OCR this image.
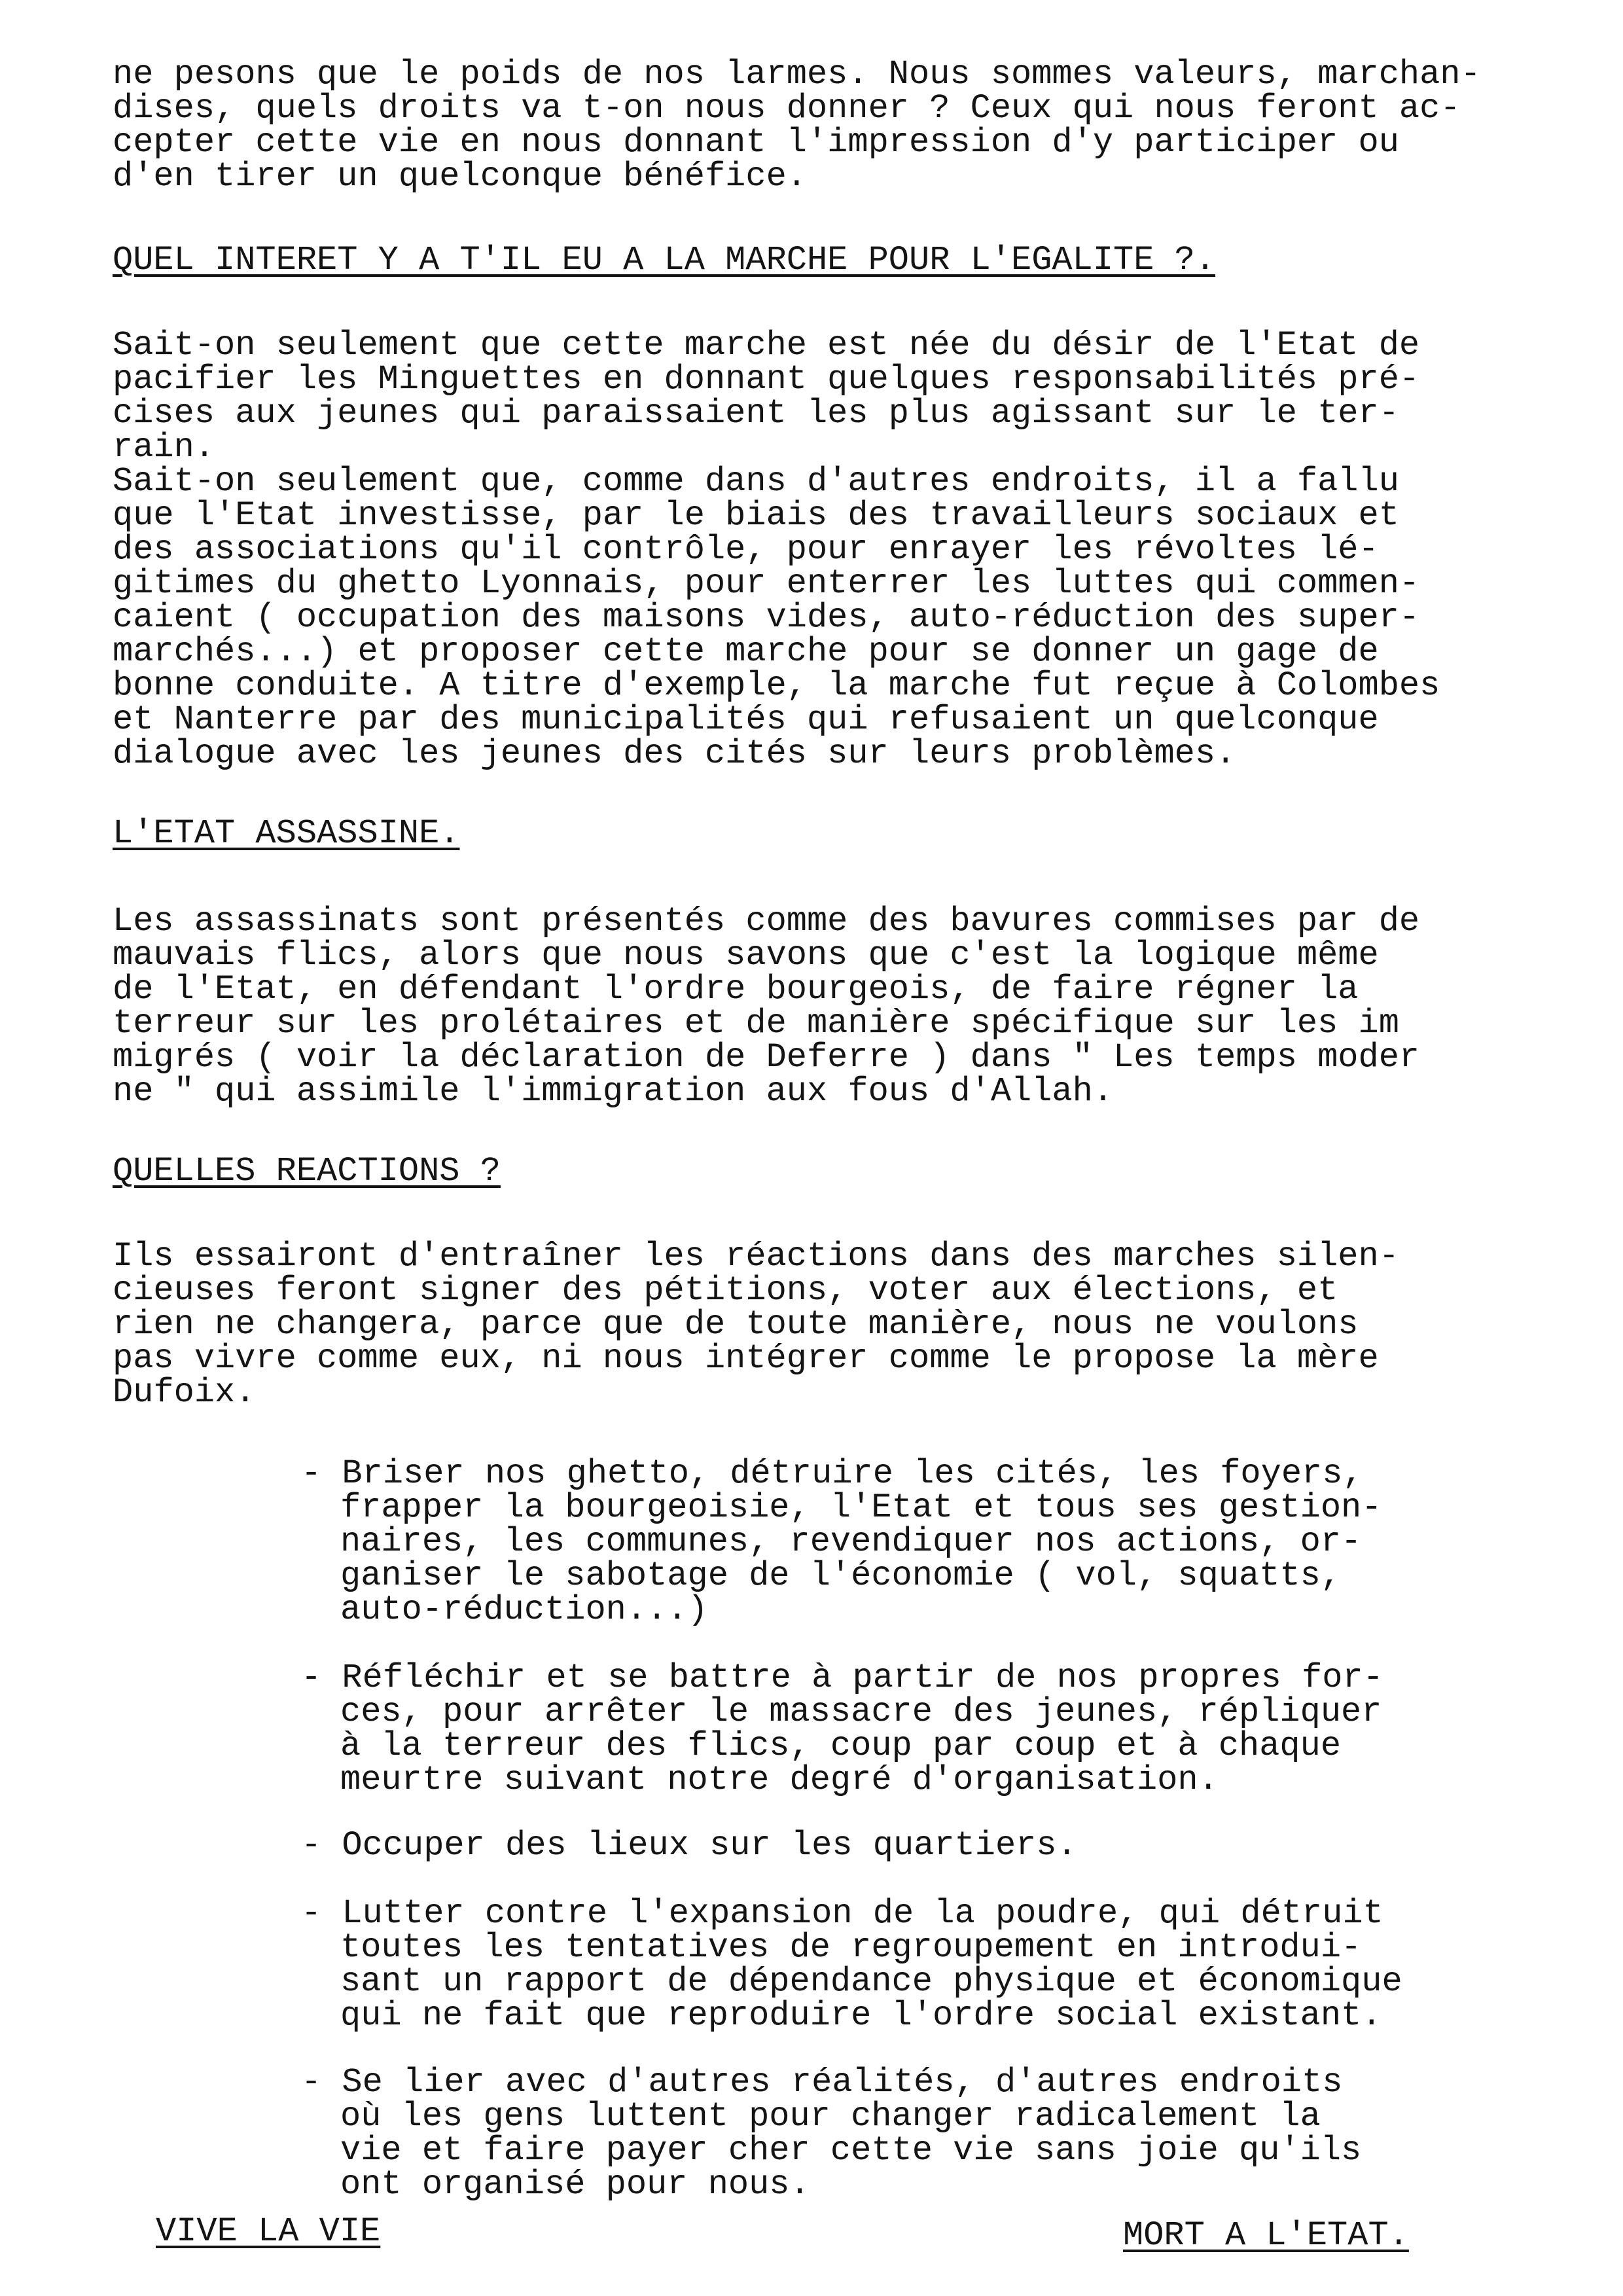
ne pesons que le poids de nos larmes. Nous sommes valeurs, marchan-

dises, quels droits va t-on nous donner ? Ceux qui nous feront ac-

cepter cette vie en nous donnant l'impression d'y participer ou

d'en tirer un quelconque bénéfice.

QUEL INTERET Y A T'IL EU A LA MARCHE POUR L'EGALITE ?.

Sait-on seulement que cette marche est née du désir de l'Etat de

pacifier les Minguettes en donnant quelques responsabilités pré-

cises aux jeunes qui paraissaient les plus agissant sur le ter-

rain.

Sait-on seulement que, comme dans d'autres endroits, il a fallu

que l'Etat investisse, par le biais des travailleurs sociaux et

des associations qu'il contrôle, pour enrayer les révoltes lé-

gitimes du ghetto Lyonnais, pour enterrer les luttes qui commen-

caient ( occupation des maisons vides, auto-réduction des super-

marchés...) et proposer cette marche pour se donner un gage de

bonne conduite. A titre d'exemple, la marche fut reçue à Colombes

et Nanterre par des municipalités qui refusaient un quelconque

dialogue avec les jeunes des cités sur leurs problèmes.

L'ETAT ASSASSINE.

Les assassinats sont présentés comme des bavures commises par de

mauvais flics, alors que nous savons que c'est la logique même

de l'Etat, en défendant l'ordre bourgeois, de faire régner la

terreur sur les prolétaires et de manière spécifique sur les im

migrés ( voir la déclaration de Deferre ) dans " Les temps moder

ne " qui assimile l'immigration aux fous d'Allah.

QUELLES REACTIONS ?

Ils essairont d'entraîner les réactions dans des marches silen-

cieuses feront signer des pétitions, voter aux élections, et

rien ne changera, parce que de toute manière, nous ne voulons

pas vivre comme eux, ni nous intégrer comme le propose la mère

Dufoix.

- Briser nos ghetto, détruire les cités, les foyers,

frapper la bourgeoisie, l'Etat et tous ses gestion-

naires, les communes, revendiquer nos actions, or-

ganiser le sabotage de l'économie ( vol, squatts,

auto-réduction...)

- Réfléchir et se battre à partir de nos propres for-

ces, pour arrêter le massacre des jeunes, répliquer

à la terreur des flics, coup par coup et à chaque

meurtre suivant notre degré d'organisation.

- Occuper des lieux sur les quartiers.

- Lutter contre l'expansion de la poudre, qui détruit

toutes les tentatives de regroupement en introdui-

sant un rapport de dépendance physique et économique

qui ne fait que reproduire l'ordre social existant.

- Se lier avec d'autres réalités, d'autres endroits

où les gens luttent pour changer radicalement la

vie et faire payer cher cette vie sans joie qu'ils

ont organisé pour nous.

VIVE LA VIE	MORT A L'ETAT.
